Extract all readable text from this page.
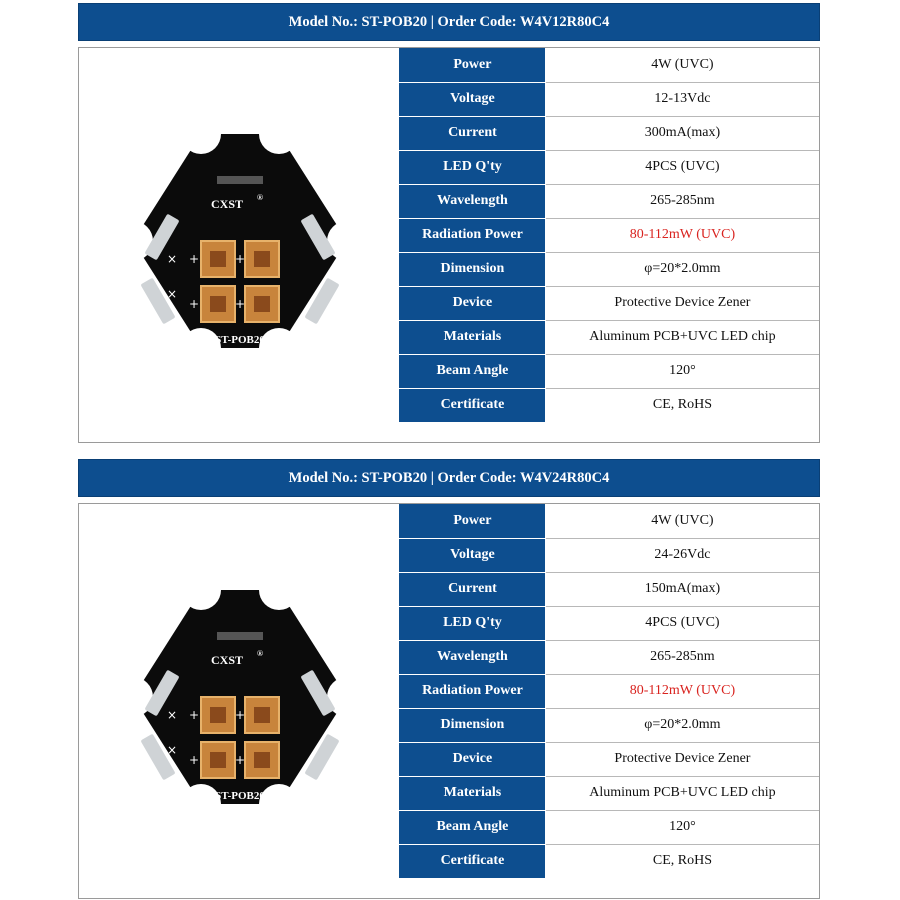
Model No.: ST-POB20 | Order Code: W4V12R80C4
+	+
+	+
×
×
CXST ®
ST-POB20
Power	4W (UVC)
Voltage	12-13Vdc
Current	300mA(max)
LED Q'ty	4PCS (UVC)
Wavelength	265-285nm
Radiation Power	80-112mW (UVC)
Dimension	φ=20*2.0mm
Device	Protective Device Zener
Materials	Aluminum PCB+UVC LED chip
Beam Angle	120°
Certificate	CE, RoHS
Model No.: ST-POB20 | Order Code: W4V24R80C4
+	+
+	+
×
×
CXST ®
ST-POB20
Power	4W (UVC)
Voltage	24-26Vdc
Current	150mA(max)
LED Q'ty	4PCS (UVC)
Wavelength	265-285nm
Radiation Power	80-112mW (UVC)
Dimension	φ=20*2.0mm
Device	Protective Device Zener
Materials	Aluminum PCB+UVC LED chip
Beam Angle	120°
Certificate	CE, RoHS
